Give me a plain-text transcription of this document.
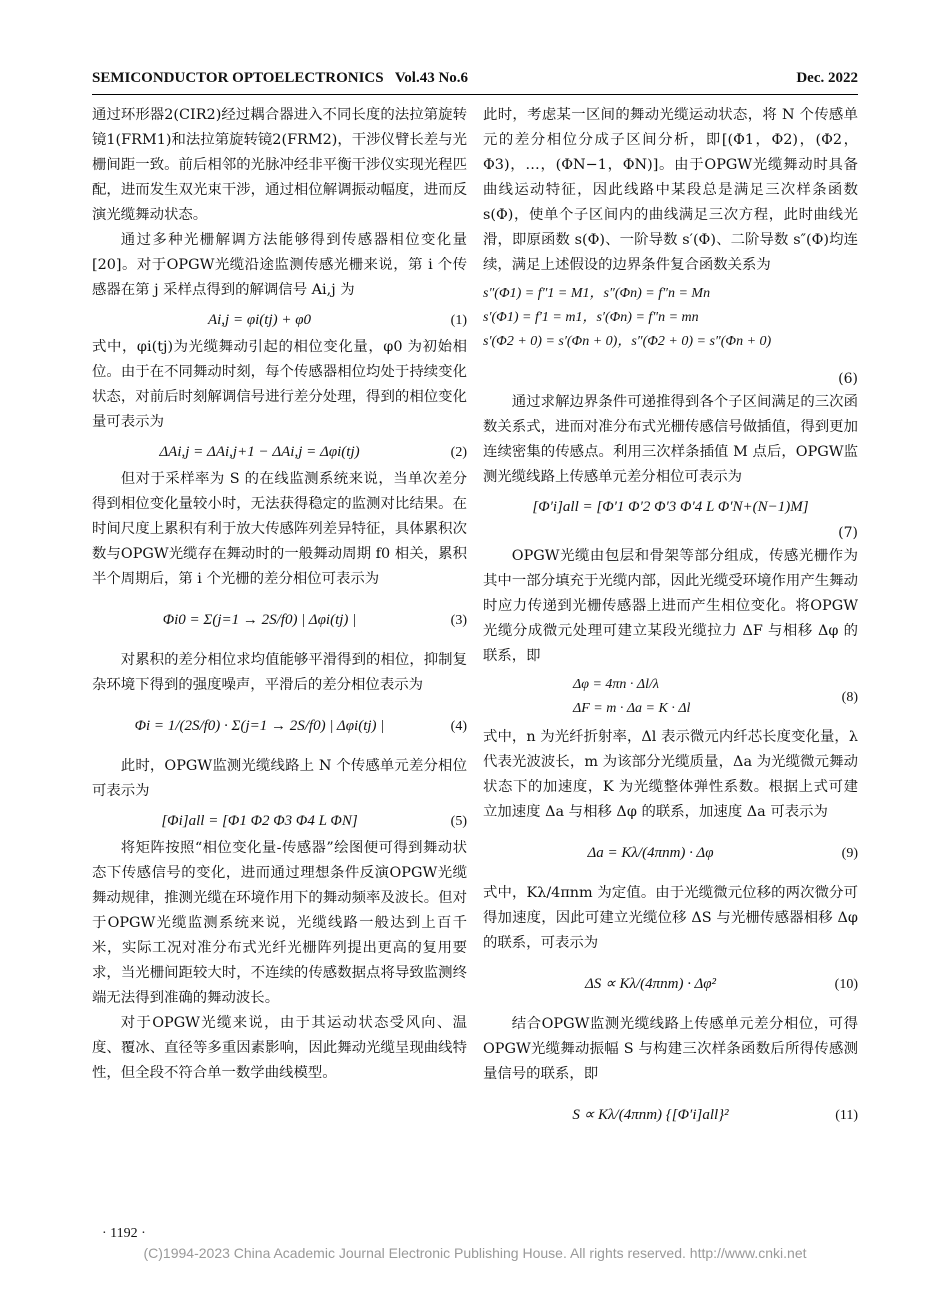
SEMICONDUCTOR OPTOELECTRONICS Vol.43 No.6	Dec. 2022

通过环形器2(CIR2)经过耦合器进入不同长度的法拉第旋转镜1(FRM1)和法拉第旋转镜2(FRM2)，干涉仪臂长差与光栅间距一致。前后相邻的光脉冲经非平衡干涉仪实现光程匹配，进而发生双光束干涉，通过相位解调振动幅度，进而反演光缆舞动状态。

通过多种光栅解调方法能够得到传感器相位变化量[20]。对于OPGW光缆沿途监测传感光栅来说，第 i 个传感器在第 j 采样点得到的解调信号 Ai,j 为

Ai,j = φi(tj) + φ0	(1)

式中，φi(tj)为光缆舞动引起的相位变化量，φ0 为初始相位。由于在不同舞动时刻，每个传感器相位均处于持续变化状态，对前后时刻解调信号进行差分处理，得到的相位变化量可表示为

ΔAi,j = ΔAi,j+1 − ΔAi,j = Δφi(tj)	(2)

但对于采样率为 S 的在线监测系统来说，当单次差分得到相位变化量较小时，无法获得稳定的监测对比结果。在时间尺度上累积有利于放大传感阵列差异特征，具体累积次数与OPGW光缆存在舞动时的一般舞动周期 f0 相关，累积半个周期后，第 i 个光栅的差分相位可表示为

Φi0 = Σ(j=1 → 2S/f0) | Δφi(tj) |	(3)

对累积的差分相位求均值能够平滑得到的相位，抑制复杂环境下得到的强度噪声，平滑后的差分相位表示为

Φi = 1/(2S/f0) · Σ(j=1 → 2S/f0) | Δφi(tj) |	(4)

此时，OPGW监测光缆线路上 N 个传感单元差分相位可表示为

[Φi]all = [Φ1 Φ2 Φ3 Φ4 L ΦN]	(5)

将矩阵按照“相位变化量-传感器”绘图便可得到舞动状态下传感信号的变化，进而通过理想条件反演OPGW光缆舞动规律，推测光缆在环境作用下的舞动频率及波长。但对于OPGW光缆监测系统来说，光缆线路一般达到上百千米，实际工况对准分布式光纤光栅阵列提出更高的复用要求，当光栅间距较大时，不连续的传感数据点将导致监测终端无法得到准确的舞动波长。

对于OPGW光缆来说，由于其运动状态受风向、温度、覆冰、直径等多重因素影响，因此舞动光缆呈现曲线特性，但全段不符合单一数学曲线模型。

此时，考虑某一区间的舞动光缆运动状态，将 N 个传感单元的差分相位分成子区间分析，即[(Φ1，Φ2)，(Φ2，Φ3)，…，(ΦN−1，ΦN)]。由于OPGW光缆舞动时具备曲线运动特征，因此线路中某段总是满足三次样条函数 s(Φ)，使单个子区间内的曲线满足三次方程，此时曲线光滑，即原函数 s(Φ)、一阶导数 s′(Φ)、二阶导数 s″(Φ)均连续，满足上述假设的边界条件复合函数关系为

s″(Φ1) = f″1 = M1，s″(Φn) = f″n = Mn
s′(Φ1) = f′1 = m1，s′(Φn) = f″n = mn
s′(Φ2 + 0) = s′(Φn + 0)，s″(Φ2 + 0) = s″(Φn + 0)
(6)

通过求解边界条件可递推得到各个子区间满足的三次函数关系式，进而对准分布式光栅传感信号做插值，得到更加连续密集的传感点。利用三次样条插值 M 点后，OPGW监测光缆线路上传感单元差分相位可表示为

[Φ′i]all = [Φ′1 Φ′2 Φ′3 Φ′4 L Φ′N+(N−1)M]
(7)

OPGW光缆由包层和骨架等部分组成，传感光栅作为其中一部分填充于光缆内部，因此光缆受环境作用产生舞动时应力传递到光栅传感器上进而产生相位变化。将OPGW光缆分成微元处理可建立某段光缆拉力 ΔF 与相移 Δφ 的联系，即

Δφ = 4πn · Δl/λ
ΔF = m · Δa = K · Δl
(8)

式中，n 为光纤折射率，Δl 表示微元内纤芯长度变化量，λ 代表光波波长，m 为该部分光缆质量，Δa 为光缆微元舞动状态下的加速度，K 为光缆整体弹性系数。根据上式可建立加速度 Δa 与相移 Δφ 的联系，加速度 Δa 可表示为

Δa = Kλ/(4πnm) · Δφ	(9)

式中，Kλ/4πnm 为定值。由于光缆微元位移的两次微分可得加速度，因此可建立光缆位移 ΔS 与光栅传感器相移 Δφ 的联系，可表示为

ΔS ∝ Kλ/(4πnm) · Δφ²	(10)

结合OPGW监测光缆线路上传感单元差分相位，可得OPGW光缆舞动振幅 S 与构建三次样条函数后所得传感测量信号的联系，即

S ∝ Kλ/(4πnm) {[Φ′i]all}²	(11)
· 1192 ·
(C)1994-2023 China Academic Journal Electronic Publishing House. All rights reserved. http://www.cnki.net
